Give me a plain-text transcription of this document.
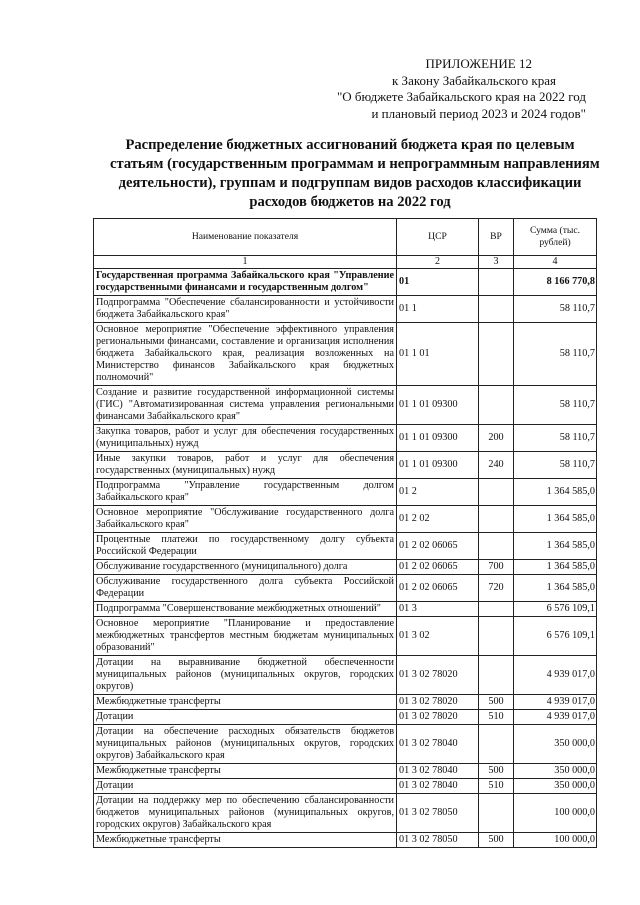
ПРИЛОЖЕНИЕ 12
к Закону Забайкальского края
"О бюджете Забайкальского края на 2022 год
и плановый период 2023 и 2024 годов"
Распределение бюджетных ассигнований бюджета края по целевым
статьям (государственным программам и непрограммным направлениям
деятельности), группам и подгруппам видов расходов классификации
расходов бюджетов на 2022 год
Наименование показателя	ЦСР	ВР	Сумма (тыс. рублей)
1	2	3	4
Государственная программа Забайкальского края "Управление государственными финансами и государственным долгом"	01		8 166 770,8
Подпрограмма "Обеспечение сбалансированности и устойчивости бюджета Забайкальского края"	01 1		58 110,7
Основное мероприятие "Обеспечение эффективного управления региональными финансами, составление и организация исполнения бюджета Забайкальского края, реализация возложенных на Министерство финансов Забайкальского края бюджетных полномочий"	01 1 01		58 110,7
Создание и развитие государственной информационной системы (ГИС) "Автоматизированная система управления региональными финансами Забайкальского края"	01 1 01 09300		58 110,7
Закупка товаров, работ и услуг для обеспечения государственных (муниципальных) нужд	01 1 01 09300	200	58 110,7
Иные закупки товаров, работ и услуг для обеспечения государственных (муниципальных) нужд	01 1 01 09300	240	58 110,7
Подпрограмма "Управление государственным долгом Забайкальского края"	01 2		1 364 585,0
Основное мероприятие "Обслуживание государственного долга Забайкальского края"	01 2 02		1 364 585,0
Процентные платежи по государственному долгу субъекта Российской Федерации	01 2 02 06065		1 364 585,0
Обслуживание государственного (муниципального) долга	01 2 02 06065	700	1 364 585,0
Обслуживание государственного долга субъекта Российской Федерации	01 2 02 06065	720	1 364 585,0
Подпрограмма "Совершенствование межбюджетных отношений"	01 3		6 576 109,1
Основное мероприятие "Планирование и предоставление межбюджетных трансфертов местным бюджетам муниципальных образований"	01 3 02		6 576 109,1
Дотации на выравнивание бюджетной обеспеченности муниципальных районов (муниципальных округов, городских округов)	01 3 02 78020		4 939 017,0
Межбюджетные трансферты	01 3 02 78020	500	4 939 017,0
Дотации	01 3 02 78020	510	4 939 017,0
Дотации на обеспечение расходных обязательств бюджетов муниципальных районов (муниципальных округов, городских округов) Забайкальского края	01 3 02 78040		350 000,0
Межбюджетные трансферты	01 3 02 78040	500	350 000,0
Дотации	01 3 02 78040	510	350 000,0
Дотации на поддержку мер по обеспечению сбалансированности бюджетов муниципальных районов (муниципальных округов, городских округов) Забайкальского края	01 3 02 78050		100 000,0
Межбюджетные трансферты	01 3 02 78050	500	100 000,0
